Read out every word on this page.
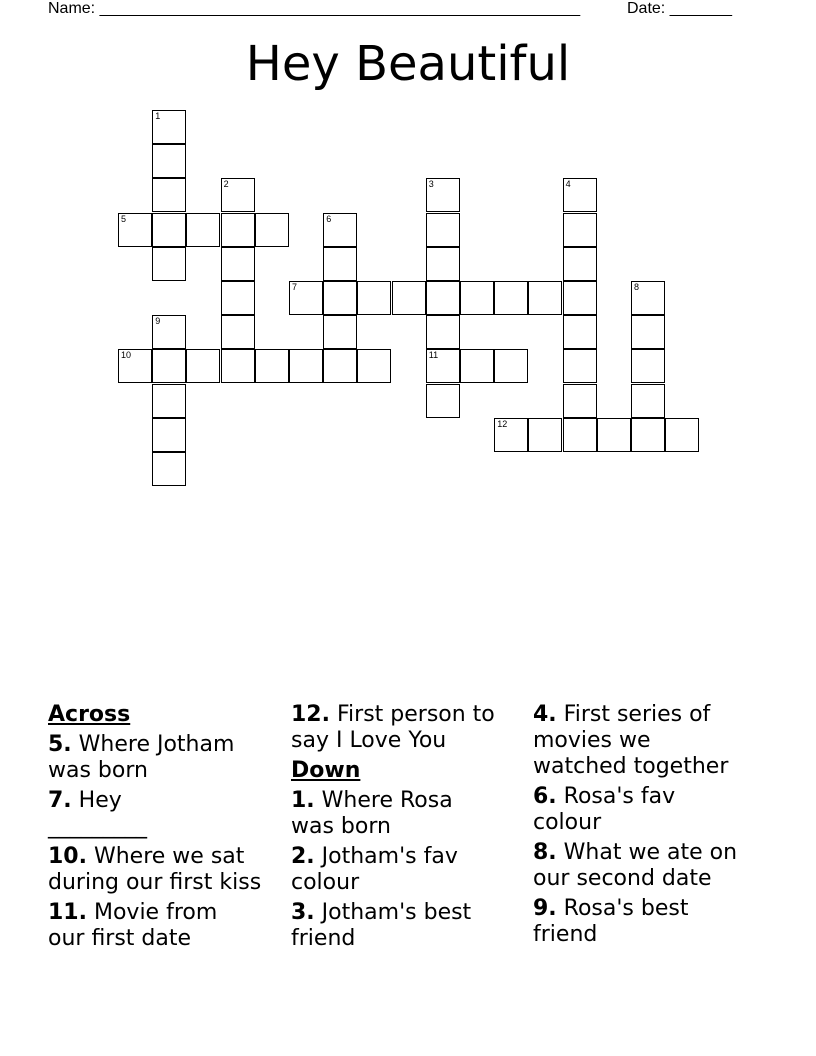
Name: ______________________________________________________	Date: _______
Hey Beautiful
1
2	3	4
5	6
7	8
9
10	11
12
Across
5. Where Jotham was born
7. Hey _________
10. Where we sat during our first kiss
11. Movie from our first date
12. First person to say I Love You
Down
1. Where Rosa was born
2. Jotham's fav colour
3. Jotham's best friend
4. First series of movies we watched together
6. Rosa's fav colour
8. What we ate on our second date
9. Rosa's best friend
